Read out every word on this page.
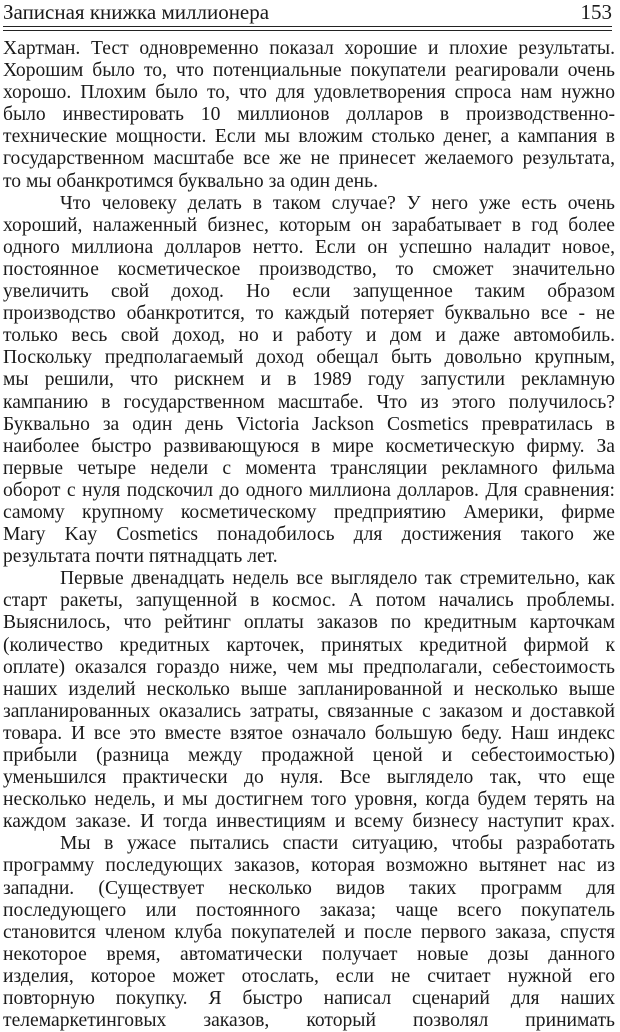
Записная книжка миллионера	153
Хартман. Тест одновременно показал хорошие и плохие результаты.
Хорошим было то, что потенциальные покупатели реагировали очень
хорошо. Плохим было то, что для удовлетворения спроса нам нужно
было инвестировать 10 миллионов долларов в производственно-
технические мощности. Если мы вложим столько денег, а кампания в
государственном масштабе все же не принесет желаемого результата,
то мы обанкротимся буквально за один день.
Что человеку делать в таком случае? У него уже есть очень
хороший, налаженный бизнес, которым он зарабатывает в год более
одного миллиона долларов нетто. Если он успешно наладит новое,
постоянное косметическое производство, то сможет значительно
увеличить свой доход. Но если запущенное таким образом
производство обанкротится, то каждый потеряет буквально все - не
только весь свой доход, но и работу и дом и даже автомобиль.
Поскольку предполагаемый доход обещал быть довольно крупным,
мы решили, что рискнем и в 1989 году запустили рекламную
кампанию в государственном масштабе. Что из этого получилось?
Буквально за один день Victoria Jackson Cosmetics превратилась в
наиболее быстро развивающуюся в мире косметическую фирму. За
первые четыре недели с момента трансляции рекламного фильма
оборот с нуля подскочил до одного миллиона долларов. Для сравнения:
самому крупному косметическому предприятию Америки, фирме
Mary Kay Cosmetics понадобилось для достижения такого же
результата почти пятнадцать лет.
Первые двенадцать недель все выглядело так стремительно, как
старт ракеты, запущенной в космос. А потом начались проблемы.
Выяснилось, что рейтинг оплаты заказов по кредитным карточкам
(количество кредитных карточек, принятых кредитной фирмой к
оплате) оказался гораздо ниже, чем мы предполагали, себестоимость
наших изделий несколько выше запланированной и несколько выше
запланированных оказались затраты, связанные с заказом и доставкой
товара. И все это вместе взятое означало большую беду. Наш индекс
прибыли (разница между продажной ценой и себестоимостью)
уменьшился практически до нуля. Все выглядело так, что еще
несколько недель, и мы достигнем того уровня, когда будем терять на
каждом заказе. И тогда инвестициям и всему бизнесу наступит крах.
Мы в ужасе пытались спасти ситуацию, чтобы разработать
программу последующих заказов, которая возможно вытянет нас из
западни. (Существует несколько видов таких программ для
последующего или постоянного заказа; чаще всего покупатель
становится членом клуба покупателей и после первого заказа, спустя
некоторое время, автоматически получает новые дозы данного
изделия, которое может отослать, если не считает нужной его
повторную покупку. Я быстро написал сценарий для наших
телемаркетинговых заказов, который позволял принимать
